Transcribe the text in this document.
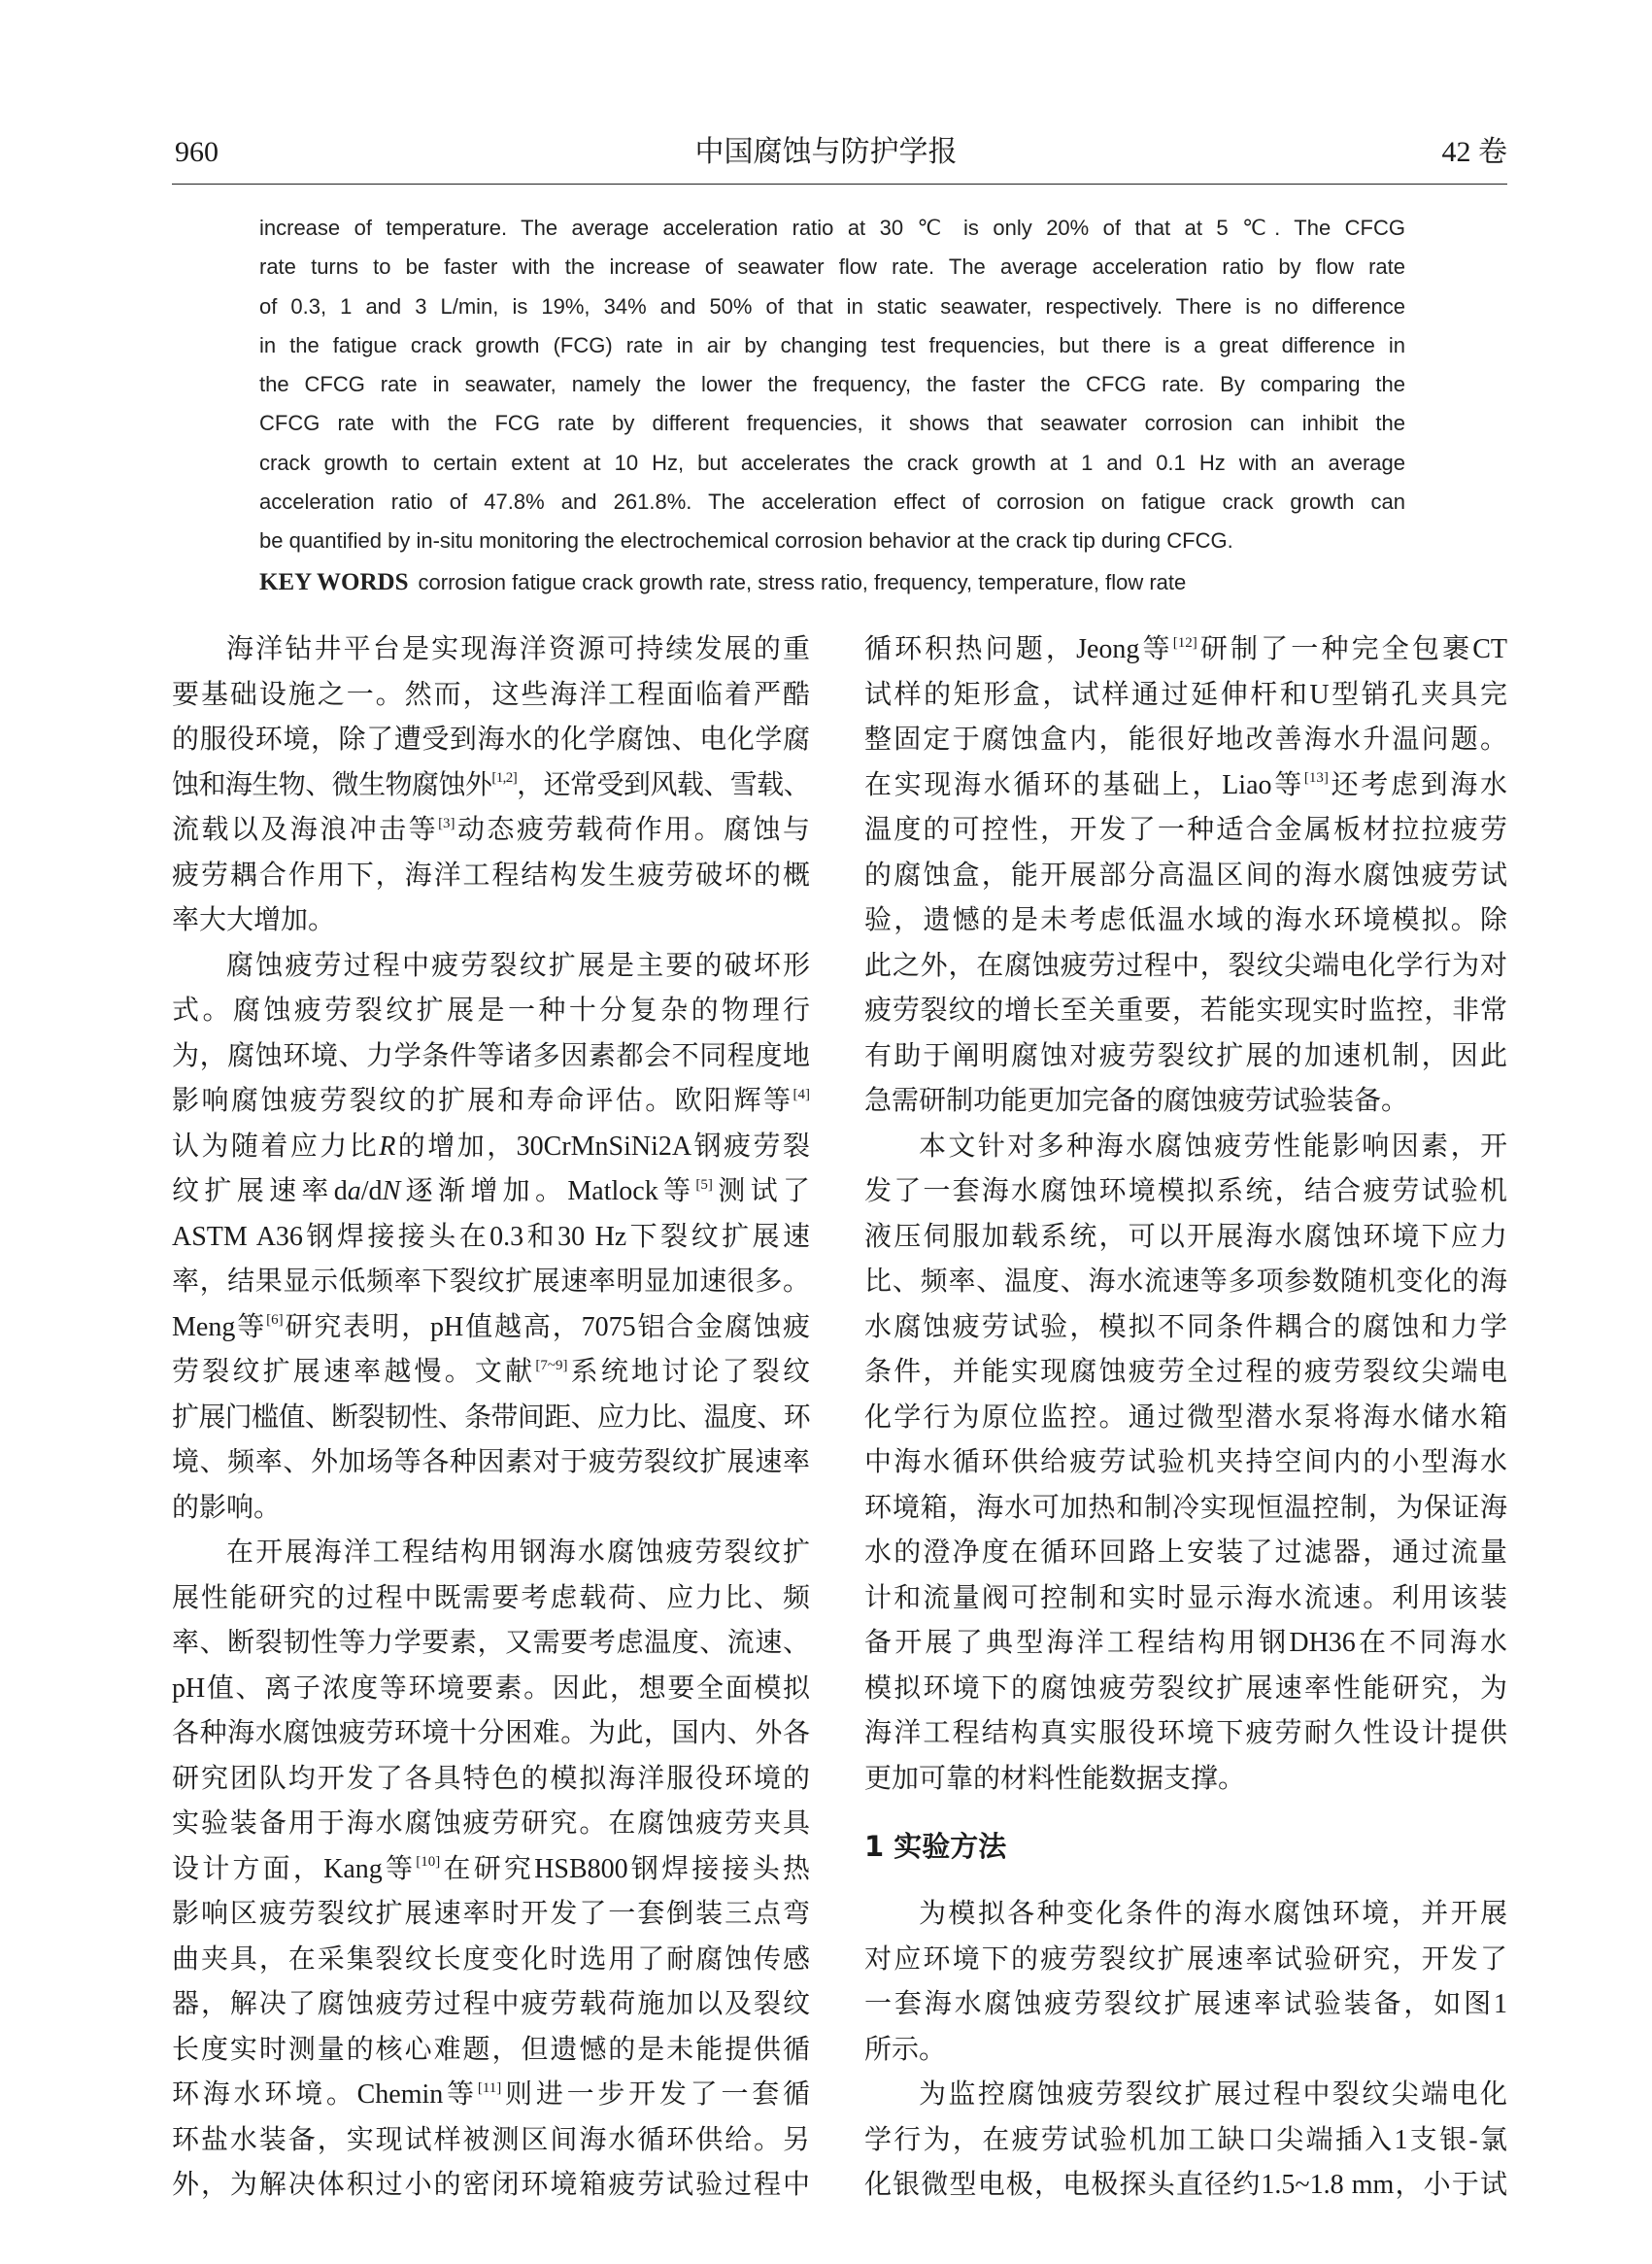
960	中国腐蚀与防护学报	42 卷
increase of temperature. The average acceleration ratio at 30 ℃ is only 20% of that at 5 ℃. The CFCG
rate turns to be faster with the increase of seawater flow rate. The average acceleration ratio by flow rate
of 0.3, 1 and 3 L/min, is 19%, 34% and 50% of that in static seawater, respectively. There is no difference
in the fatigue crack growth (FCG) rate in air by changing test frequencies, but there is a great difference in
the CFCG rate in seawater, namely the lower the frequency, the faster the CFCG rate. By comparing the
CFCG rate with the FCG rate by different frequencies, it shows that seawater corrosion can inhibit the
crack growth to certain extent at 10 Hz, but accelerates the crack growth at 1 and 0.1 Hz with an average
acceleration ratio of 47.8% and 261.8%. The acceleration effect of corrosion on fatigue crack growth can
be quantified by in-situ monitoring the electrochemical corrosion behavior at the crack tip during CFCG.
KEY WORDS corrosion fatigue crack growth rate, stress ratio, frequency, temperature, flow rate
海洋钻井平台是实现海洋资源可持续发展的重
要基础设施之一。然而，这些海洋工程面临着严酷
的服役环境，除了遭受到海水的化学腐蚀、电化学腐
蚀和海生物、微生物腐蚀外[1,2]，还常受到风载、雪载、
流载以及海浪冲击等[3]动态疲劳载荷作用。腐蚀与
疲劳耦合作用下，海洋工程结构发生疲劳破坏的概
率大大增加。
腐蚀疲劳过程中疲劳裂纹扩展是主要的破坏形
式。腐蚀疲劳裂纹扩展是一种十分复杂的物理行
为，腐蚀环境、力学条件等诸多因素都会不同程度地
影响腐蚀疲劳裂纹的扩展和寿命评估。欧阳辉等[4]
认为随着应力比R的增加，30CrMnSiNi2A钢疲劳裂
纹扩展速率da/dN逐渐增加。Matlock等[5]测试了
ASTM A36钢焊接接头在0.3和30 Hz下裂纹扩展速
率，结果显示低频率下裂纹扩展速率明显加速很多。
Meng等[6]研究表明，pH值越高，7075铝合金腐蚀疲
劳裂纹扩展速率越慢。文献[7~9]系统地讨论了裂纹
扩展门槛值、断裂韧性、条带间距、应力比、温度、环
境、频率、外加场等各种因素对于疲劳裂纹扩展速率
的影响。
在开展海洋工程结构用钢海水腐蚀疲劳裂纹扩
展性能研究的过程中既需要考虑载荷、应力比、频
率、断裂韧性等力学要素，又需要考虑温度、流速、
pH值、离子浓度等环境要素。因此，想要全面模拟
各种海水腐蚀疲劳环境十分困难。为此，国内、外各
研究团队均开发了各具特色的模拟海洋服役环境的
实验装备用于海水腐蚀疲劳研究。在腐蚀疲劳夹具
设计方面，Kang等[10]在研究HSB800钢焊接接头热
影响区疲劳裂纹扩展速率时开发了一套倒装三点弯
曲夹具，在采集裂纹长度变化时选用了耐腐蚀传感
器，解决了腐蚀疲劳过程中疲劳载荷施加以及裂纹
长度实时测量的核心难题，但遗憾的是未能提供循
环海水环境。Chemin等[11]则进一步开发了一套循
环盐水装备，实现试样被测区间海水循环供给。另
外，为解决体积过小的密闭环境箱疲劳试验过程中
循环积热问题，Jeong等[12]研制了一种完全包裹CT
试样的矩形盒，试样通过延伸杆和U型销孔夹具完
整固定于腐蚀盒内，能很好地改善海水升温问题。
在实现海水循环的基础上，Liao等[13]还考虑到海水
温度的可控性，开发了一种适合金属板材拉拉疲劳
的腐蚀盒，能开展部分高温区间的海水腐蚀疲劳试
验，遗憾的是未考虑低温水域的海水环境模拟。除
此之外，在腐蚀疲劳过程中，裂纹尖端电化学行为对
疲劳裂纹的增长至关重要，若能实现实时监控，非常
有助于阐明腐蚀对疲劳裂纹扩展的加速机制，因此
急需研制功能更加完备的腐蚀疲劳试验装备。
本文针对多种海水腐蚀疲劳性能影响因素，开
发了一套海水腐蚀环境模拟系统，结合疲劳试验机
液压伺服加载系统，可以开展海水腐蚀环境下应力
比、频率、温度、海水流速等多项参数随机变化的海
水腐蚀疲劳试验，模拟不同条件耦合的腐蚀和力学
条件，并能实现腐蚀疲劳全过程的疲劳裂纹尖端电
化学行为原位监控。通过微型潜水泵将海水储水箱
中海水循环供给疲劳试验机夹持空间内的小型海水
环境箱，海水可加热和制冷实现恒温控制，为保证海
水的澄净度在循环回路上安装了过滤器，通过流量
计和流量阀可控制和实时显示海水流速。利用该装
备开展了典型海洋工程结构用钢DH36在不同海水
模拟环境下的腐蚀疲劳裂纹扩展速率性能研究，为
海洋工程结构真实服役环境下疲劳耐久性设计提供
更加可靠的材料性能数据支撑。
1 实验方法
为模拟各种变化条件的海水腐蚀环境，并开展
对应环境下的疲劳裂纹扩展速率试验研究，开发了
一套海水腐蚀疲劳裂纹扩展速率试验装备，如图1
所示。
为监控腐蚀疲劳裂纹扩展过程中裂纹尖端电化
学行为，在疲劳试验机加工缺口尖端插入1支银-氯
化银微型电极，电极探头直径约1.5~1.8 mm，小于试
